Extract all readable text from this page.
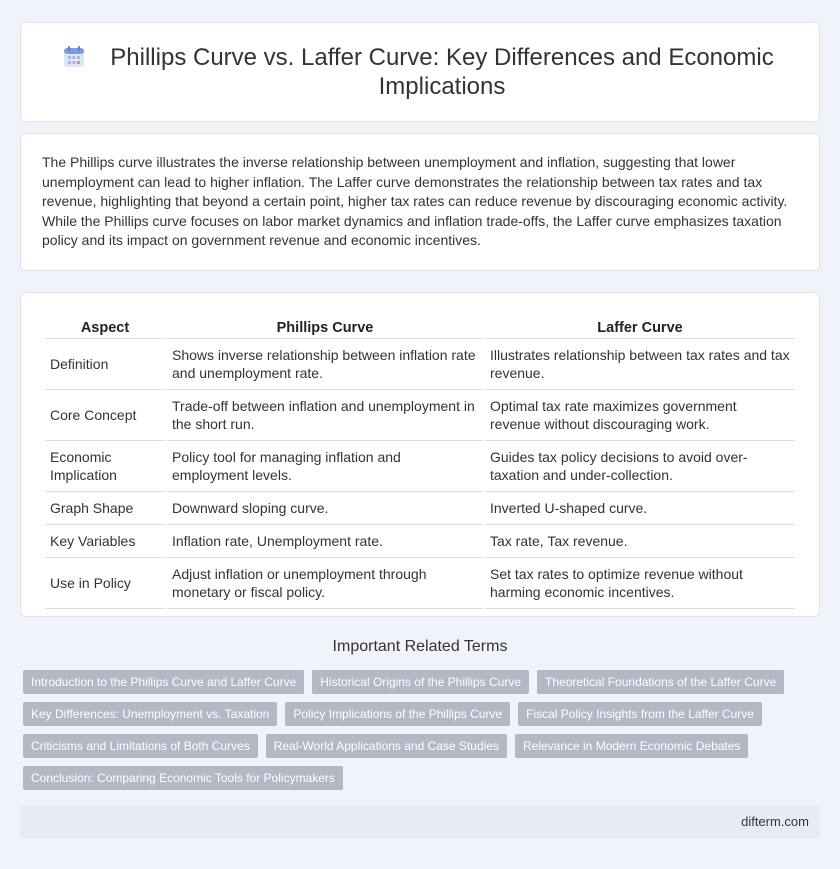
Phillips Curve vs. Laffer Curve: Key Differences and Economic Implications

The Phillips curve illustrates the inverse relationship between unemployment and inflation, suggesting that lower unemployment can lead to higher inflation. The Laffer curve demonstrates the relationship between tax rates and tax revenue, highlighting that beyond a certain point, higher tax rates can reduce revenue by discouraging economic activity. While the Phillips curve focuses on labor market dynamics and inflation trade-offs, the Laffer curve emphasizes taxation policy and its impact on government revenue and economic incentives.

Aspect	Phillips Curve	Laffer Curve
Definition	Shows inverse relationship between inflation rate and unemployment rate.	Illustrates relationship between tax rates and tax revenue.
Core Concept	Trade-off between inflation and unemployment in the short run.	Optimal tax rate maximizes government revenue without discouraging work.
Economic Implication	Policy tool for managing inflation and employment levels.	Guides tax policy decisions to avoid over-taxation and under-collection.
Graph Shape	Downward sloping curve.	Inverted U-shaped curve.
Key Variables	Inflation rate, Unemployment rate.	Tax rate, Tax revenue.
Use in Policy	Adjust inflation or unemployment through monetary or fiscal policy.	Set tax rates to optimize revenue without harming economic incentives.
Important Related Terms
Introduction to the Phillips Curve and Laffer Curve	Historical Origins of the Phillips Curve	Theoretical Foundations of the Laffer Curve
Key Differences: Unemployment vs. Taxation	Policy Implications of the Phillips Curve	Fiscal Policy Insights from the Laffer Curve
Criticisms and Limitations of Both Curves	Real-World Applications and Case Studies	Relevance in Modern Economic Debates
Conclusion: Comparing Economic Tools for Policymakers
difterm.com
